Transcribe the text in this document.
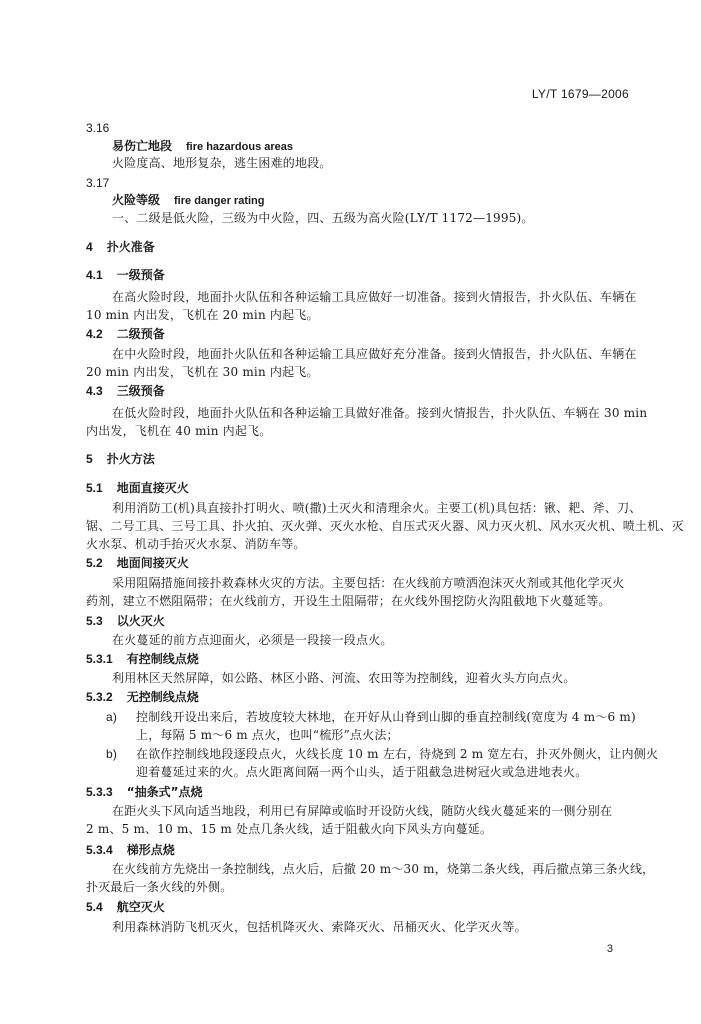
LY/T 1679—2006
3.16
易伤亡地段 fire hazardous areas
火险度高、地形复杂，逃生困难的地段。
3.17
火险等级 fire danger rating
一、二级是低火险，三级为中火险，四、五级为高火险(LY/T 1172—1995)。
4 扑火准备
4.1 一级预备
在高火险时段，地面扑火队伍和各种运输工具应做好一切准备。接到火情报告，扑火队伍、车辆在
10 min 内出发，飞机在 20 min 内起飞。
4.2 二级预备
在中火险时段，地面扑火队伍和各种运输工具应做好充分准备。接到火情报告，扑火队伍、车辆在
20 min 内出发，飞机在 30 min 内起飞。
4.3 三级预备
在低火险时段，地面扑火队伍和各种运输工具做好准备。接到火情报告，扑火队伍、车辆在 30 min
内出发，飞机在 40 min 内起飞。
5 扑火方法
5.1 地面直接灭火
利用消防工(机)具直接扑打明火、喷(撒)土灭火和清理余火。主要工(机)具包括：锹、耙、斧、刀、
锯、二号工具、三号工具、扑火拍、灭火弹、灭火水枪、自压式灭火器、风力灭火机、风水灭火机、喷土机、灭
火水泵、机动手抬灭火水泵、消防车等。
5.2 地面间接灭火
采用阻隔措施间接扑救森林火灾的方法。主要包括：在火线前方喷洒泡沫灭火剂或其他化学灭火
药剂，建立不燃阻隔带；在火线前方，开设生土阻隔带；在火线外围挖防火沟阻截地下火蔓延等。
5.3 以火灭火
在火蔓延的前方点迎面火，必须是一段接一段点火。
5.3.1 有控制线点烧
利用林区天然屏障，如公路、林区小路、河流、农田等为控制线，迎着火头方向点火。
5.3.2 无控制线点烧
a) 控制线开设出来后，若坡度较大林地，在开好从山脊到山脚的垂直控制线(宽度为 4 m～6 m)
上，每隔 5 m～6 m 点火，也叫“梳形”点火法；
b) 在欲作控制线地段逐段点火，火线长度 10 m 左右，待烧到 2 m 宽左右，扑灭外侧火，让内侧火
迎着蔓延过来的火。点火距离间隔一两个山头，适于阻截急进树冠火或急进地表火。
5.3.3 “抽条式”点烧
在距火头下风向适当地段，利用已有屏障或临时开设防火线，随防火线火蔓延来的一侧分别在
2 m、5 m、10 m、15 m 处点几条火线，适于阻截火向下风头方向蔓延。
5.3.4 梯形点烧
在火线前方先烧出一条控制线，点火后，后撤 20 m～30 m，烧第二条火线，再后撤点第三条火线，
扑灭最后一条火线的外侧。
5.4 航空灭火
利用森林消防飞机灭火，包括机降灭火、索降灭火、吊桶灭火、化学灭火等。
3
